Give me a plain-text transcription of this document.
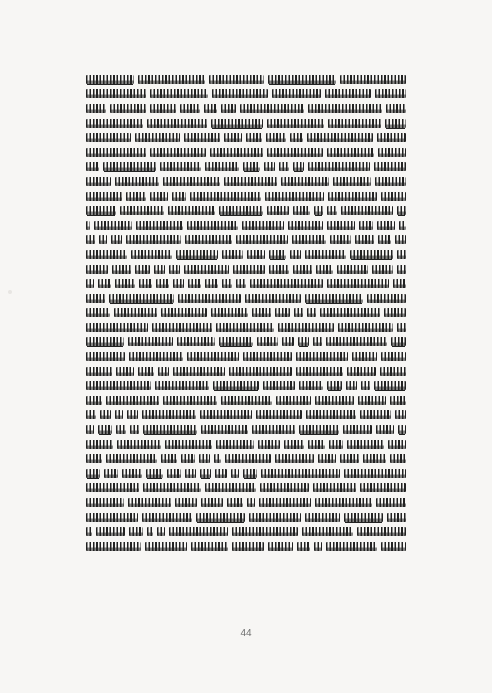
44
